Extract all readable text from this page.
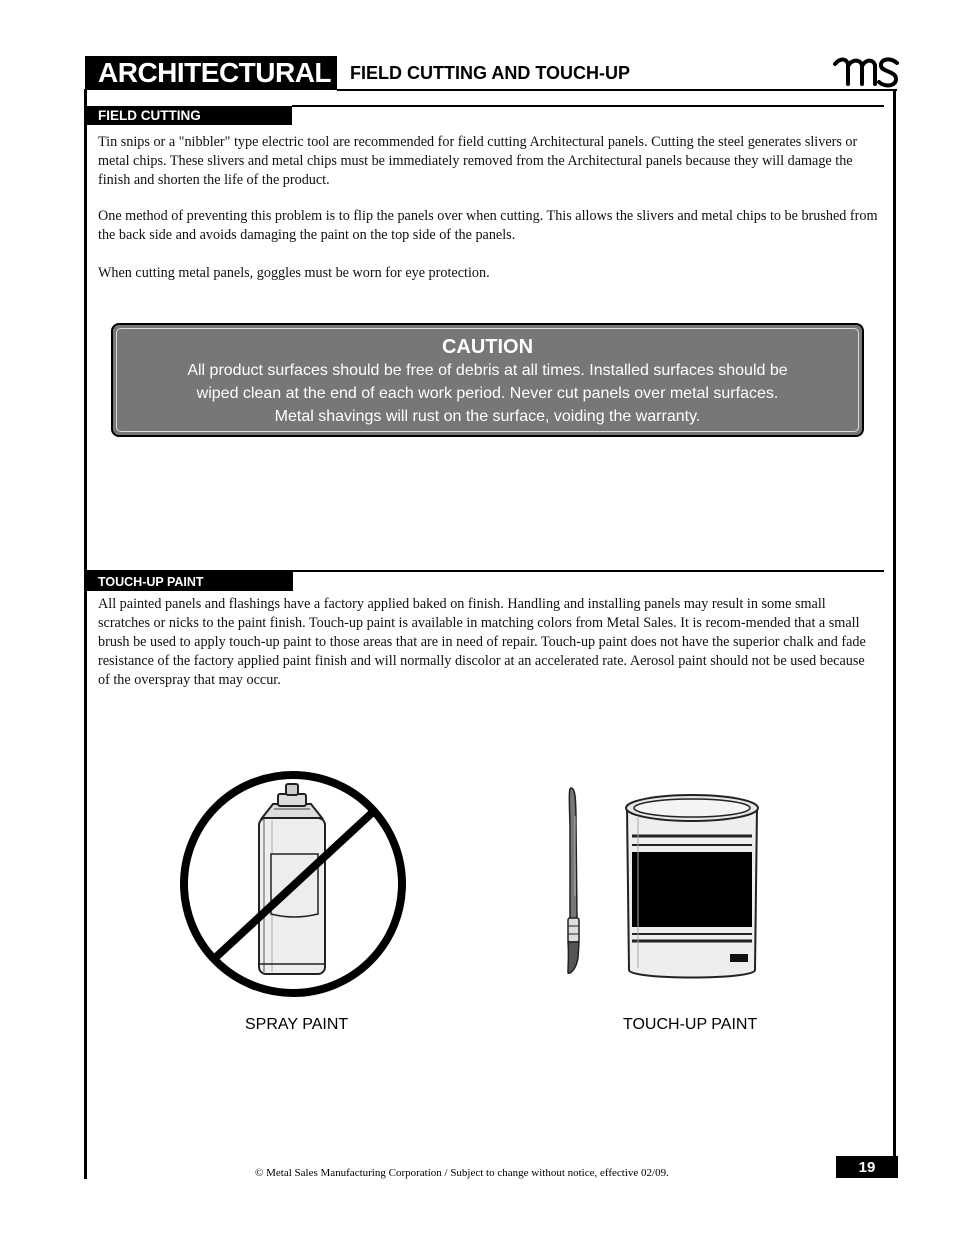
ARCHITECTURAL	FIELD CUTTING AND TOUCH-UP
ms
FIELD CUTTING

Tin snips or a "nibbler" type electric tool are recommended for field cutting Architectural panels. Cutting the steel generates slivers or metal chips. These slivers and metal chips must be immediately removed from the Architectural panels because they will damage the finish and shorten the life of the product.

One method of preventing this problem is to flip the panels over when cutting. This allows the slivers and metal chips to be brushed from the back side and avoids damaging the paint on the top side of the panels.

When cutting metal panels, goggles must be worn for eye protection.

CAUTION
All product surfaces should be free of debris at all times. Installed surfaces should be
wiped clean at the end of each work period. Never cut panels over metal surfaces.
Metal shavings will rust on the surface, voiding the warranty.
TOUCH-UP PAINT

All painted panels and flashings have a factory applied baked on finish. Handling and installing panels may result in some small scratches or nicks to the paint finish. Touch-up paint is available in matching colors from Metal Sales. It is recom-mended that a small brush be used to apply touch-up paint to those areas that are in need of repair. Touch-up paint does not have the superior chalk and fade resistance of the factory applied paint finish and will normally discolor at an accelerated rate. Aerosol paint should not be used because of the overspray that may occur.

SPRAY PAINT	TOUCH-UP PAINT
© Metal Sales Manufacturing Corporation / Subject to change without notice, effective 02/09.	19
